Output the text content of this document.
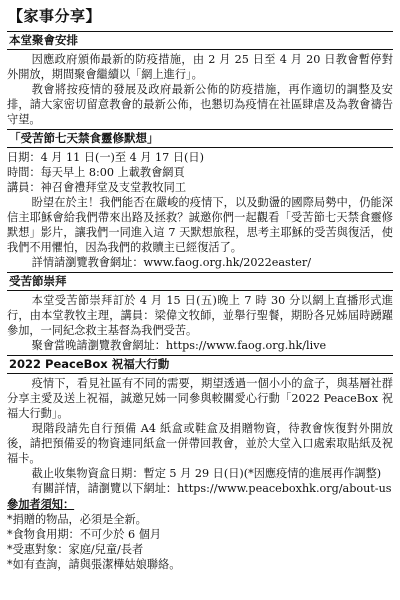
【家事分享】
本堂聚會安排

因應政府頒佈最新的防疫措施，由 2 月 25 日至 4 月 20 日教會暫停對外開放，期間聚會繼續以「網上進行」。

教會將按疫情的發展及政府最新公佈的防疫措施，再作適切的調整及安排，請大家密切留意教會的最新公佈，也懇切為疫情在社區肆虐及為教會禱告守望。

「受苦節七天禁食靈修默想」

日期：4 月 11 日(一)至 4 月 17 日(日)

時間：每天早上 8:00 上載教會網頁

講員：神召會禮拜堂及支堂教牧同工

盼望在於主！我們能否在嚴峻的疫情下，以及動盪的國際局勢中，仍能深信主耶穌會給我們帶來出路及拯救？誠邀你們一起觀看「受苦節七天禁食靈修默想」影片，讓我們一同進入這 7 天默想旅程，思考主耶穌的受苦與復活，使我們不用懼怕，因為我們的救贖主已經復活了。

詳情請瀏覽教會網址：www.faog.org.hk/2022easter/

受苦節崇拜

本堂受苦節崇拜訂於 4 月 15 日(五)晚上 7 時 30 分以網上直播形式進行，由本堂教牧主理，講員：梁偉文牧師，並舉行聖餐，期盼各兄姊屆時踴躍參加，一同紀念救主基督為我們受苦。

聚會當晚請瀏覽教會網址：https://www.faog.org.hk/live

2022 PeaceBox 祝福大行動

疫情下，看見社區有不同的需要，期望透過一個小小的盒子，與基層社群分享主愛及送上祝福，誠邀兄姊一同參與較關愛心行動「2022 PeaceBox 祝福大行動」。

現階段請先自行預備 A4 紙盒或鞋盒及捐贈物資，待教會恢復對外開放後，請把預備妥的物資連同紙盒一併帶回教會，並於大堂入口處索取貼紙及祝福卡。

截止收集物資盒日期：暫定 5 月 29 日(日)(*因應疫情的進展再作調整)

有關詳情，請瀏覽以下網址：https://www.peaceboxhk.org/about-us

參加者須知：
*捐贈的物品，必須是全新。
*食物食用期：不可少於 6 個月
*受惠對象：家庭/兒童/長者
*如有查詢，請與張潔樺姑娘聯絡。
